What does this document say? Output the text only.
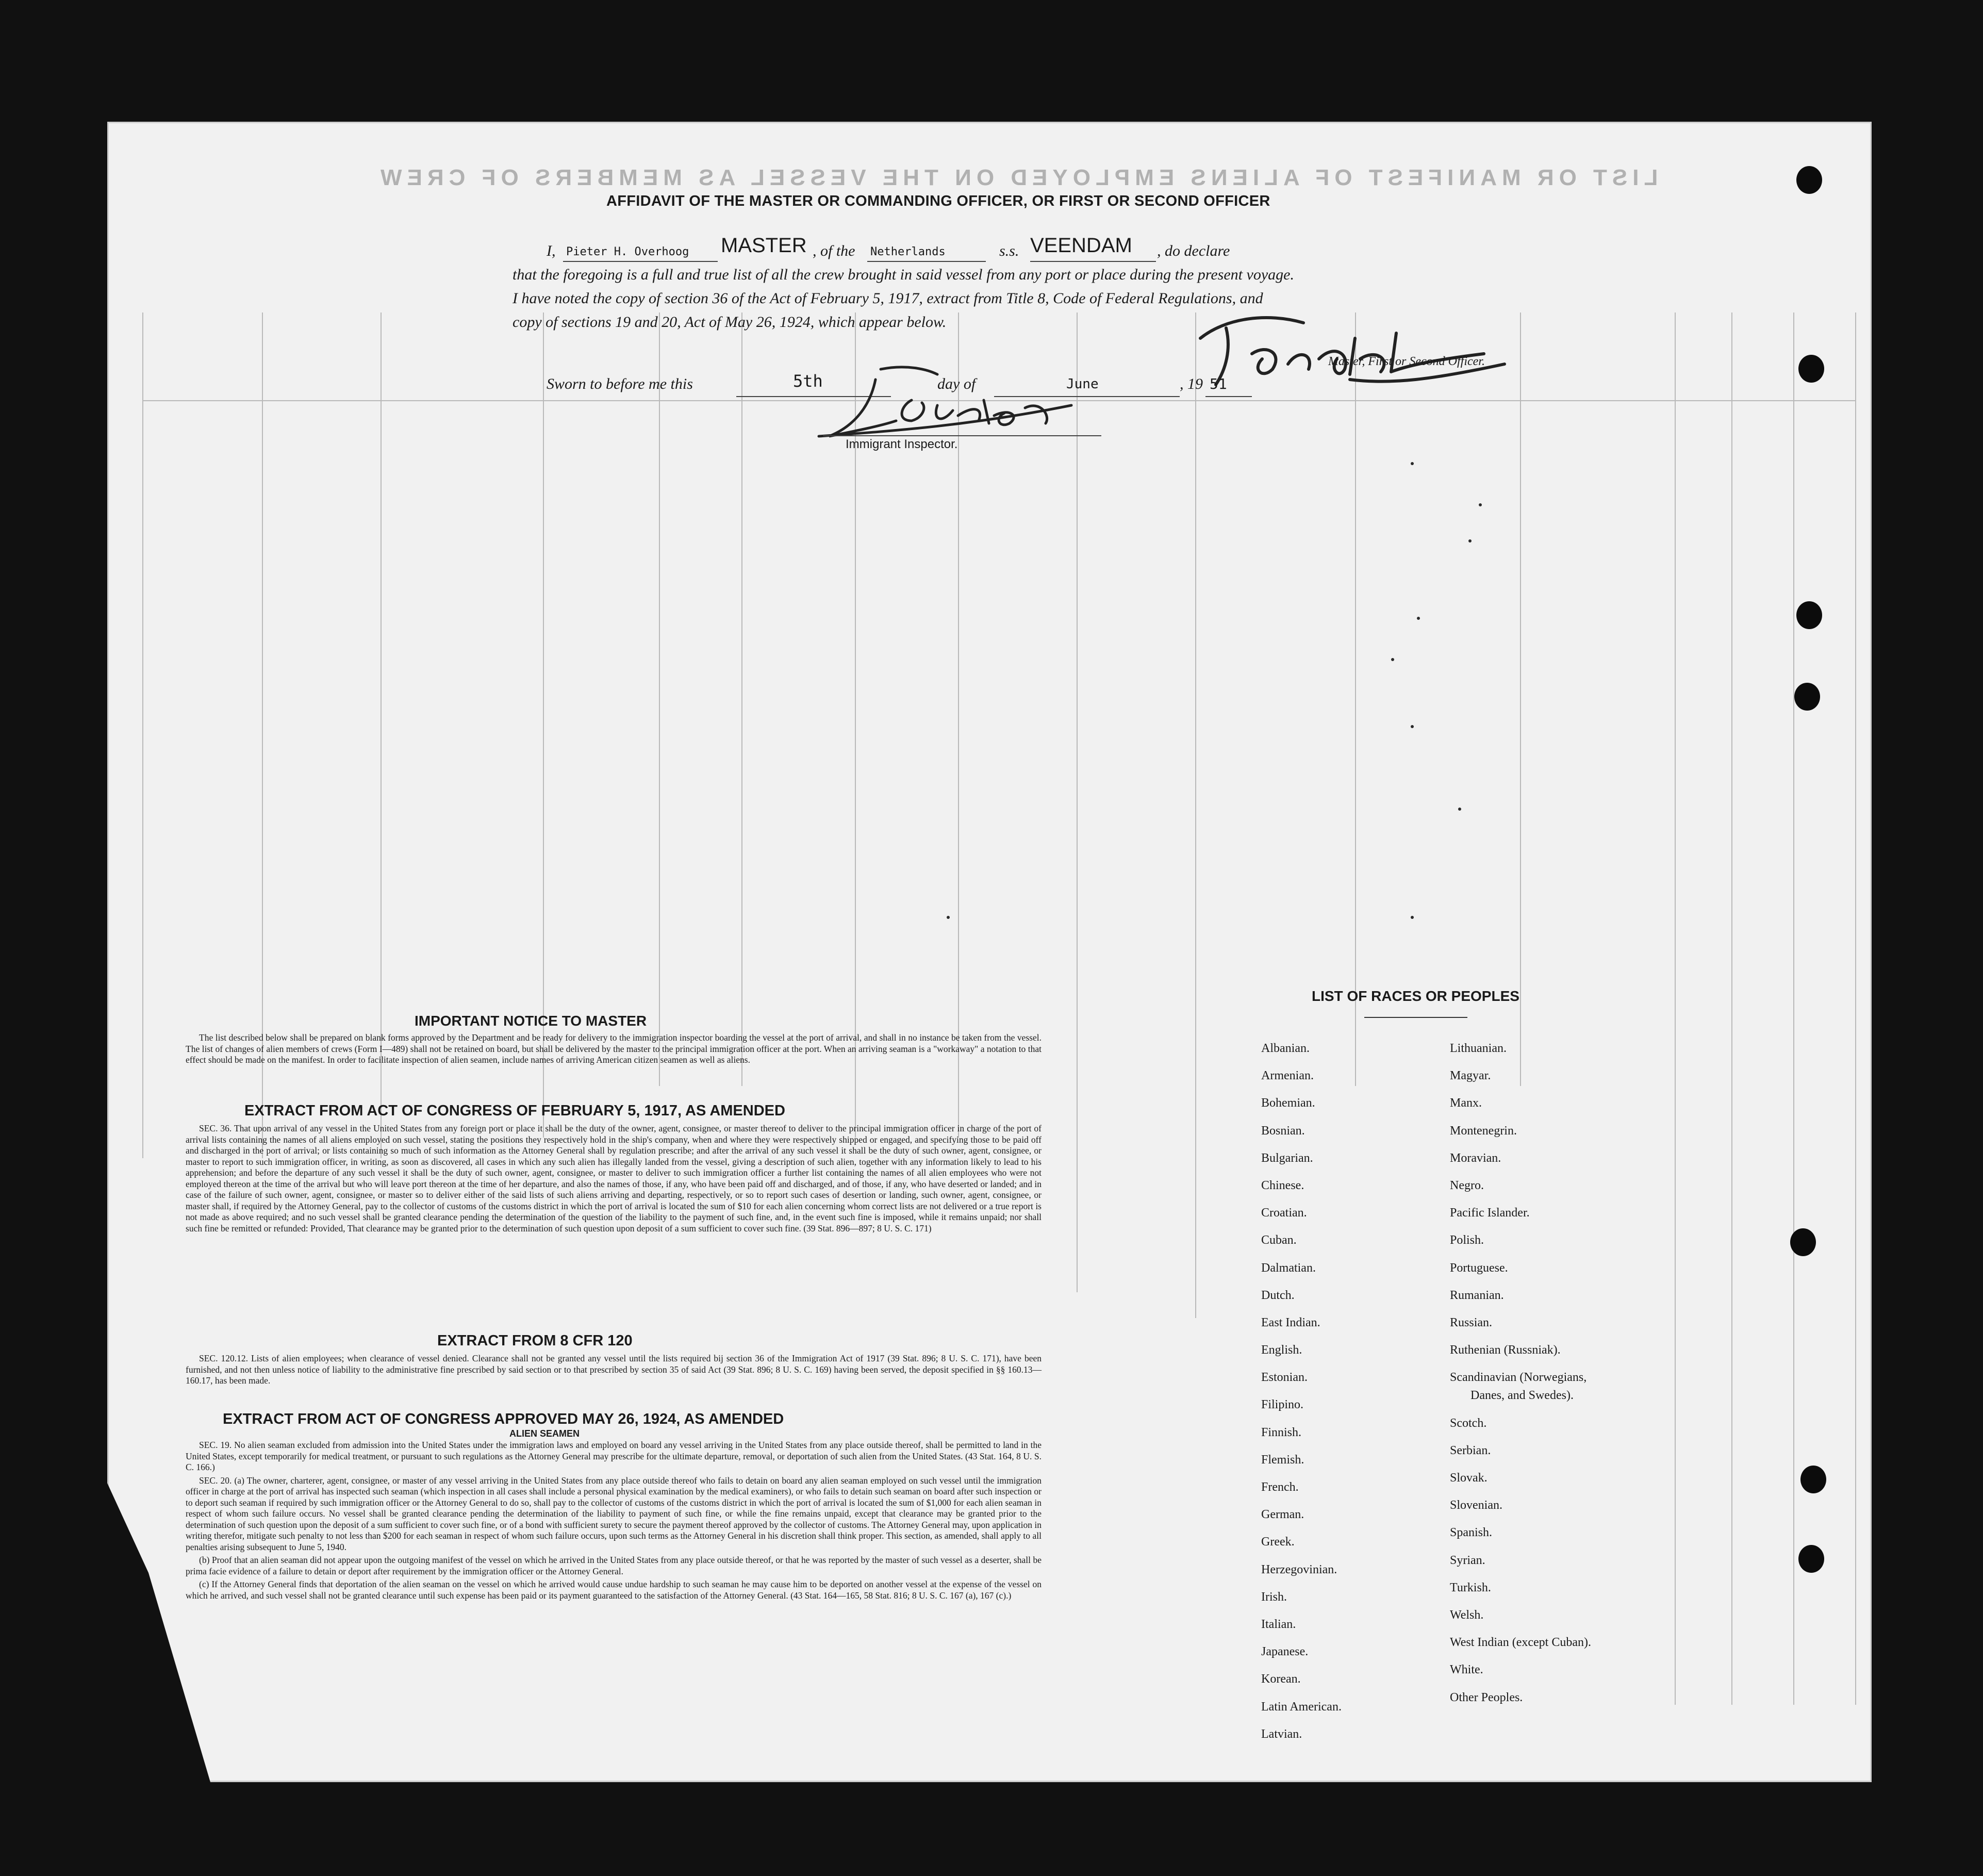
LIST OR MANIFEST OF ALIENS EMPLOYED ON THE VESSEL AS MEMBERS OF CREW
AFFIDAVIT OF THE MASTER OR COMMANDING OFFICER, OR FIRST OR SECOND OFFICER
I, Pieter H. Overhoog MASTER , of the Netherlands	s.s. VEENDAM , do declare
that the foregoing is a full and true list of all the crew brought in said vessel from any port or place during the present voyage.
I have noted the copy of section 36 of the Act of February 5, 1917, extract from Title 8, Code of Federal Regulations, and
copy of sections 19 and 20, Act of May 26, 1924, which appear below.
Master, First or Second Officer.
Sworn to before me this	5th	day of	June	, 19 51
Immigrant Inspector.
IMPORTANT NOTICE TO MASTER

The list described below shall be prepared on blank forms approved by the Department and be ready for delivery to the immigration inspector boarding the vessel at the port of arrival, and shall in no instance be taken from the vessel. The list of changes of alien members of crews (Form I—489) shall not be retained on board, but shall be delivered by the master to the principal immigration officer at the port. When an arriving seaman is a "workaway" a notation to that effect should be made on the manifest. In order to facilitate inspection of alien seamen, include names of arriving American citizen seamen as well as aliens.

EXTRACT FROM ACT OF CONGRESS OF FEBRUARY 5, 1917, AS AMENDED

SEC. 36. That upon arrival of any vessel in the United States from any foreign port or place it shall be the duty of the owner, agent, consignee, or master thereof to deliver to the principal immigration officer in charge of the port of arrival lists containing the names of all aliens employed on such vessel, stating the positions they respectively hold in the ship's company, when and where they were respectively shipped or engaged, and specifying those to be paid off and discharged in the port of arrival; or lists containing so much of such information as the Attorney General shall by regulation prescribe; and after the arrival of any such vessel it shall be the duty of such owner, agent, consignee, or master to report to such immigration officer, in writing, as soon as discovered, all cases in which any such alien has illegally landed from the vessel, giving a description of such alien, together with any information likely to lead to his apprehension; and before the departure of any such vessel it shall be the duty of such owner, agent, consignee, or master to deliver to such immigration officer a further list containing the names of all alien employees who were not employed thereon at the time of the arrival but who will leave port thereon at the time of her departure, and also the names of those, if any, who have been paid off and discharged, and of those, if any, who have deserted or landed; and in case of the failure of such owner, agent, consignee, or master so to deliver either of the said lists of such aliens arriving and departing, respectively, or so to report such cases of desertion or landing, such owner, agent, consignee, or master shall, if required by the Attorney General, pay to the collector of customs of the customs district in which the port of arrival is located the sum of $10 for each alien concerning whom correct lists are not delivered or a true report is not made as above required; and no such vessel shall be granted clearance pending the determination of the question of the liability to the payment of such fine, and, in the event such fine is imposed, while it remains unpaid; nor shall such fine be remitted or refunded: Provided, That clearance may be granted prior to the determination of such question upon deposit of a sum sufficient to cover such fine. (39 Stat. 896—897; 8 U. S. C. 171)

EXTRACT FROM 8 CFR 120

SEC. 120.12. Lists of alien employees; when clearance of vessel denied. Clearance shall not be granted any vessel until the lists required bij section 36 of the Immigration Act of 1917 (39 Stat. 896; 8 U. S. C. 171), have been furnished, and not then unless notice of liability to the administrative fine prescribed by said section or to that prescribed by section 35 of said Act (39 Stat. 896; 8 U. S. C. 169) having been served, the deposit specified in §§ 160.13—160.17, has been made.

EXTRACT FROM ACT OF CONGRESS APPROVED MAY 26, 1924, AS AMENDED
ALIEN SEAMEN

SEC. 19. No alien seaman excluded from admission into the United States under the immigration laws and employed on board any vessel arriving in the United States from any place outside thereof, shall be permitted to land in the United States, except temporarily for medical treatment, or pursuant to such regulations as the Attorney General may prescribe for the ultimate departure, removal, or deportation of such alien from the United States. (43 Stat. 164, 8 U. S. C. 166.)

SEC. 20. (a) The owner, charterer, agent, consignee, or master of any vessel arriving in the United States from any place outside thereof who fails to detain on board any alien seaman employed on such vessel until the immigration officer in charge at the port of arrival has inspected such seaman (which inspection in all cases shall include a personal physical examination by the medical examiners), or who fails to detain such seaman on board after such inspection or to deport such seaman if required by such immigration officer or the Attorney General to do so, shall pay to the collector of customs of the customs district in which the port of arrival is located the sum of $1,000 for each alien seaman in respect of whom such failure occurs. No vessel shall be granted clearance pending the determination of the liability to payment of such fine, or while the fine remains unpaid, except that clearance may be granted prior to the determination of such question upon the deposit of a sum sufficient to cover such fine, or of a bond with sufficient surety to secure the payment thereof approved by the collector of customs. The Attorney General may, upon application in writing therefor, mitigate such penalty to not less than $200 for each seaman in respect of whom such failure occurs, upon such terms as the Attorney General in his discretion shall think proper. This section, as amended, shall apply to all penalties arising subsequent to June 5, 1940.

(b) Proof that an alien seaman did not appear upon the outgoing manifest of the vessel on which he arrived in the United States from any place outside thereof, or that he was reported by the master of such vessel as a deserter, shall be prima facie evidence of a failure to detain or deport after requirement by the immigration officer or the Attorney General.

(c) If the Attorney General finds that deportation of the alien seaman on the vessel on which he arrived would cause undue hardship to such seaman he may cause him to be deported on another vessel at the expense of the vessel on which he arrived, and such vessel shall not be granted clearance until such expense has been paid or its payment guaranteed to the satisfaction of the Attorney General. (43 Stat. 164—165, 58 Stat. 816; 8 U. S. C. 167 (a), 167 (c).)

LIST OF RACES OR PEOPLES
Albanian.
Armenian.
Bohemian.
Bosnian.
Bulgarian.
Chinese.
Croatian.
Cuban.
Dalmatian.
Dutch.
East Indian.
English.
Estonian.
Filipino.
Finnish.
Flemish.
French.
German.
Greek.
Herzegovinian.
Irish.
Italian.
Japanese.
Korean.
Latin American.
Latvian.
Lithuanian.
Magyar.
Manx.
Montenegrin.
Moravian.
Negro.
Pacific Islander.
Polish.
Portuguese.
Rumanian.
Russian.
Ruthenian (Russniak).
Scandinavian (Norwegians,
Danes, and Swedes).
Scotch.
Serbian.
Slovak.
Slovenian.
Spanish.
Syrian.
Turkish.
Welsh.
West Indian (except Cuban).
White.
Other Peoples.
